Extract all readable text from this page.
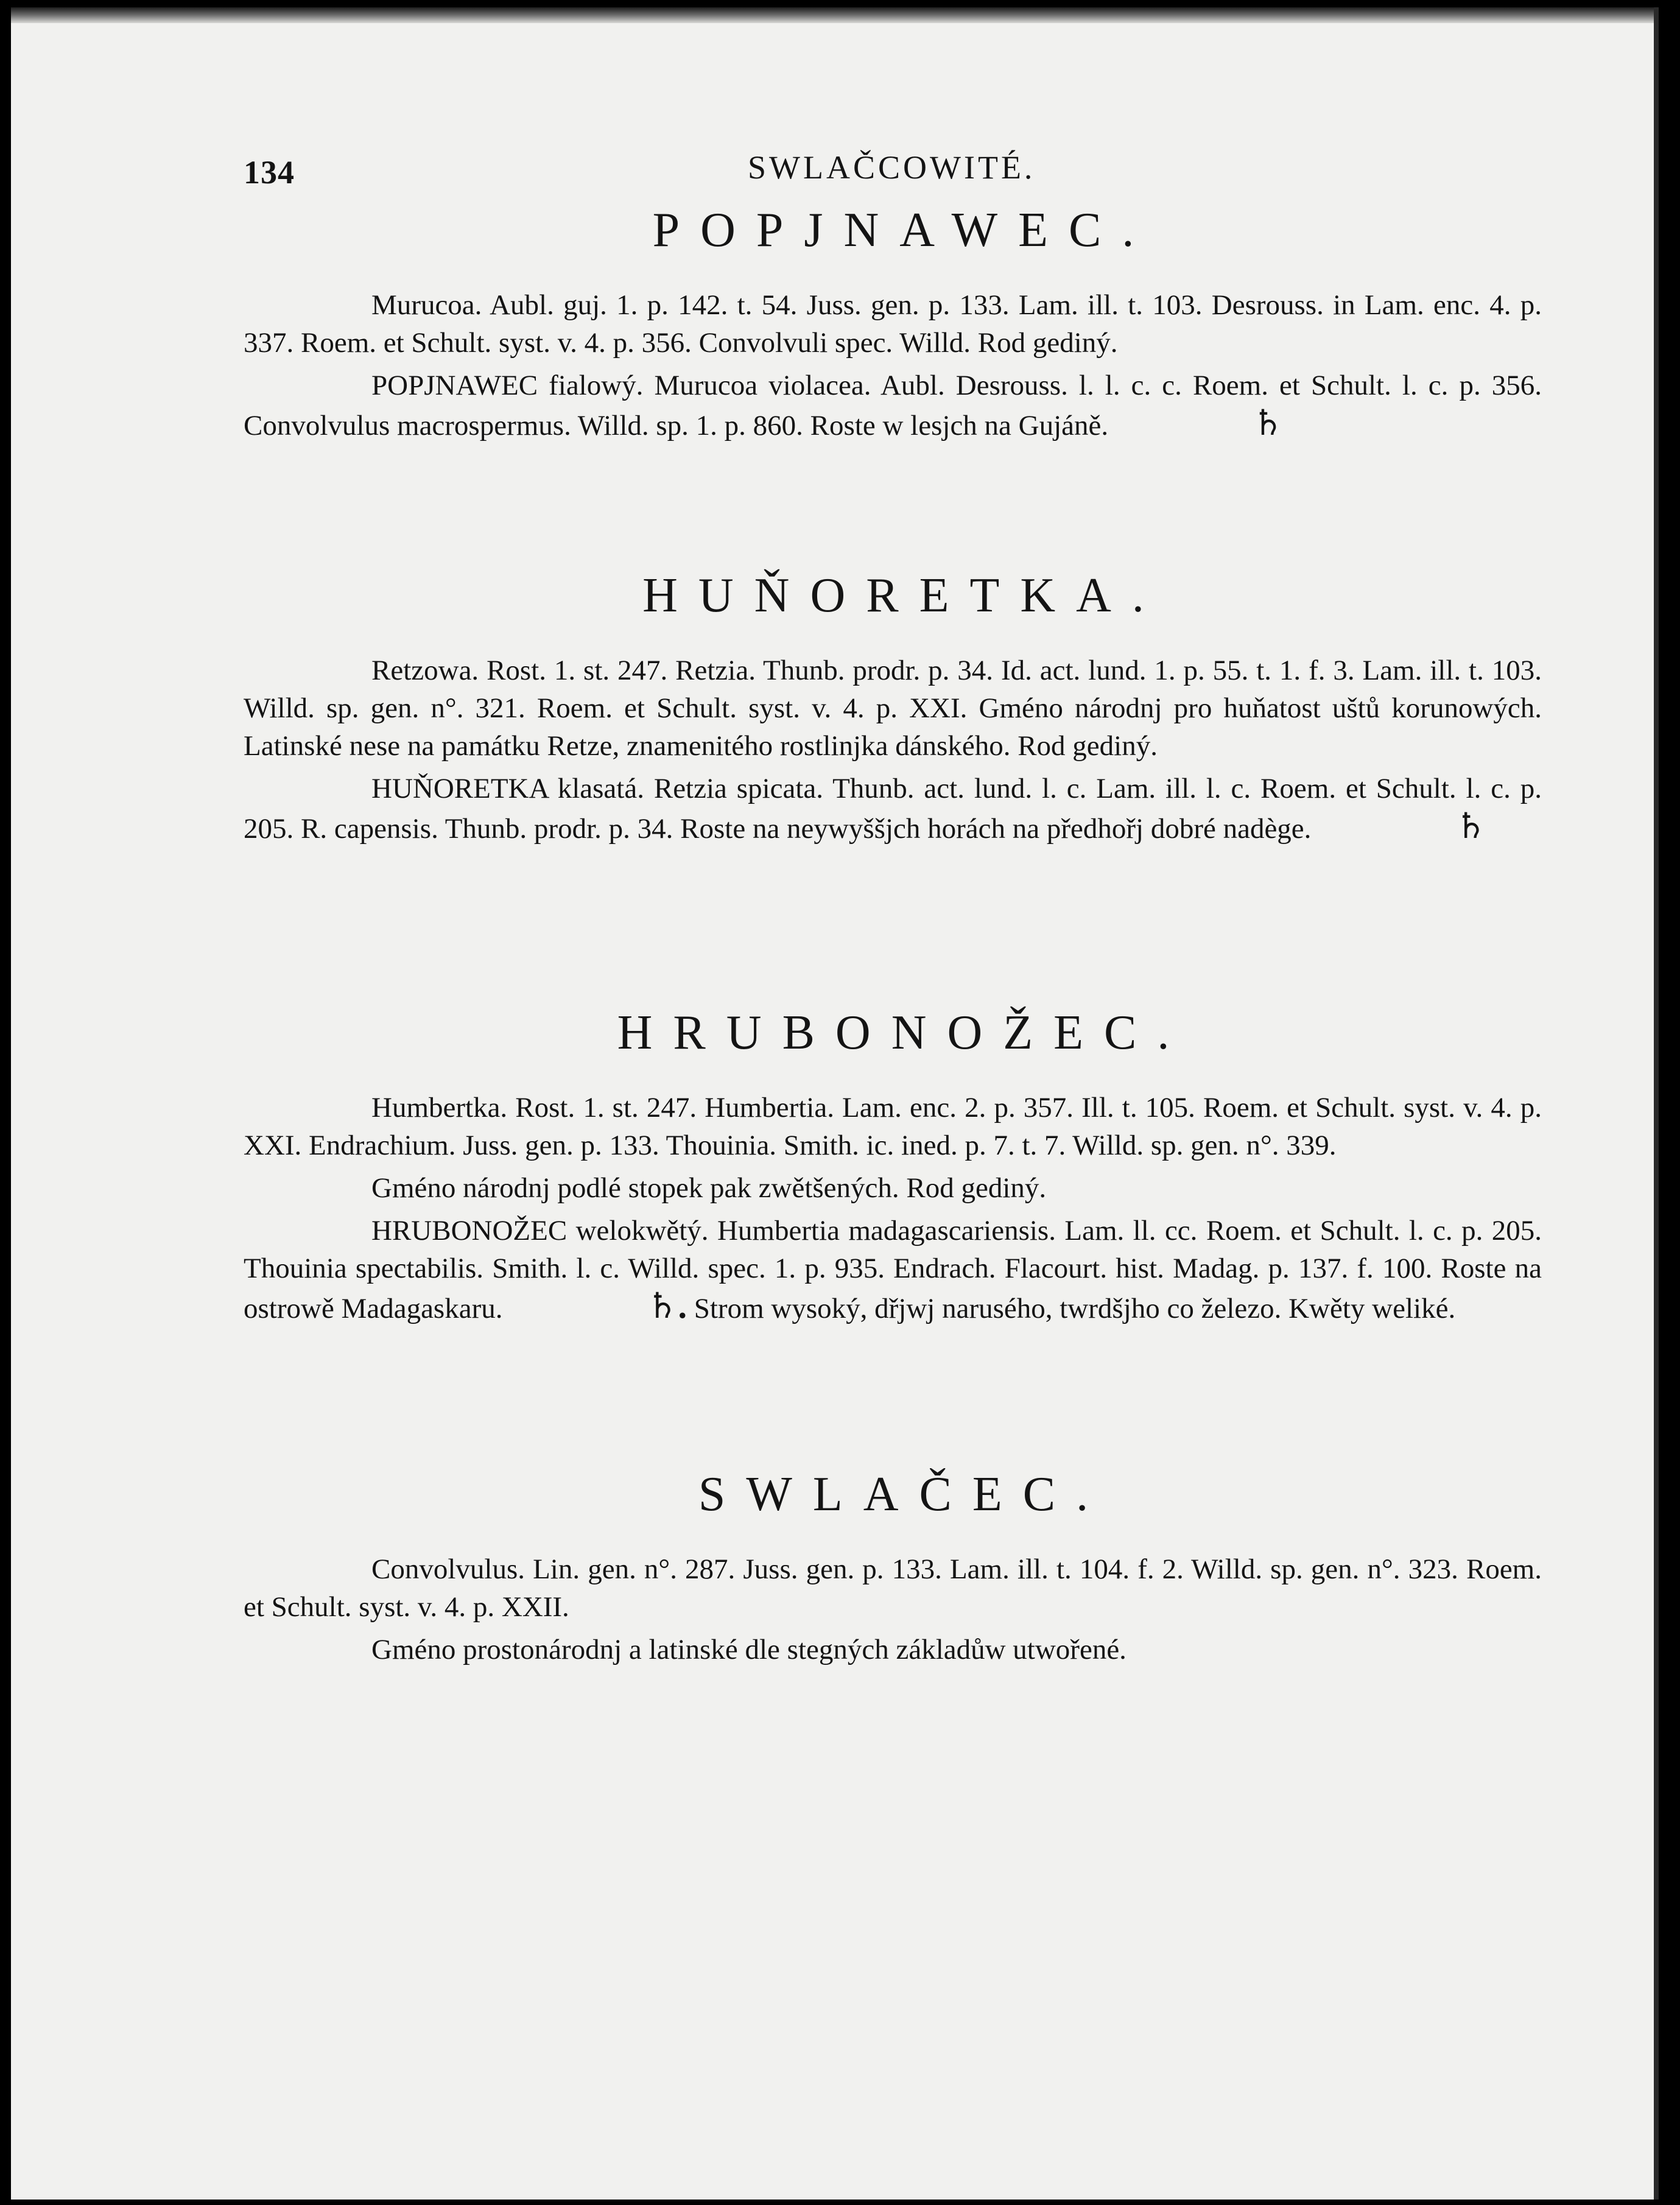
134	SWLAČCOWITÉ.
POPJNAWEC.

Murucoa. Aubl. guj. 1. p. 142. t. 54. Juss. gen. p. 133. Lam. ill. t. 103. Desrouss. in Lam. enc. 4. p. 337. Roem. et Schult. syst. v. 4. p. 356. Convolvuli spec. Willd. Rod gediný.

POPJNAWEC fialowý. Murucoa violacea. Aubl. Desrouss. l. l. c. c. Roem. et Schult. l. c. p. 356. Convolvulus macrospermus. Willd. sp. 1. p. 860. Roste w lesjch na Gujáně.	♄

HUŇORETKA.

Retzowa. Rost. 1. st. 247. Retzia. Thunb. prodr. p. 34. Id. act. lund. 1. p. 55. t. 1. f. 3. Lam. ill. t. 103. Willd. sp. gen. n°. 321. Roem. et Schult. syst. v. 4. p. XXI. Gméno národnj pro huňatost uštů korunowých. Latinské nese na památku Retze, znamenitého rostlinjka dánského. Rod gediný.

HUŇORETKA klasatá. Retzia spicata. Thunb. act. lund. l. c. Lam. ill. l. c. Roem. et Schult. l. c. p. 205. R. capensis. Thunb. prodr. p. 34. Roste na neywyššjch horách na předhořj dobré nadège.	♄

HRUBONOŽEC.

Humbertka. Rost. 1. st. 247. Humbertia. Lam. enc. 2. p. 357. Ill. t. 105. Roem. et Schult. syst. v. 4. p. XXI. Endrachium. Juss. gen. p. 133. Thouinia. Smith. ic. ined. p. 7. t. 7. Willd. sp. gen. n°. 339.

Gméno národnj podlé stopek pak zwětšených. Rod gediný.

HRUBONOŽEC welokwětý. Humbertia madagascariensis. Lam. ll. cc. Roem. et Schult. l. c. p. 205. Thouinia spectabilis. Smith. l. c. Willd. spec. 1. p. 935. Endrach. Flacourt. hist. Madag. p. 137. f. 100. Roste na ostrowě Madagaskaru.	♄. Strom wysoký, dřjwj narusého, twrdšjho co železo. Kwěty weliké.

SWLAČEC.

Convolvulus. Lin. gen. n°. 287. Juss. gen. p. 133. Lam. ill. t. 104. f. 2. Willd. sp. gen. n°. 323. Roem. et Schult. syst. v. 4. p. XXII.

Gméno prostonárodnj a latinské dle stegných základůw utwořené.
